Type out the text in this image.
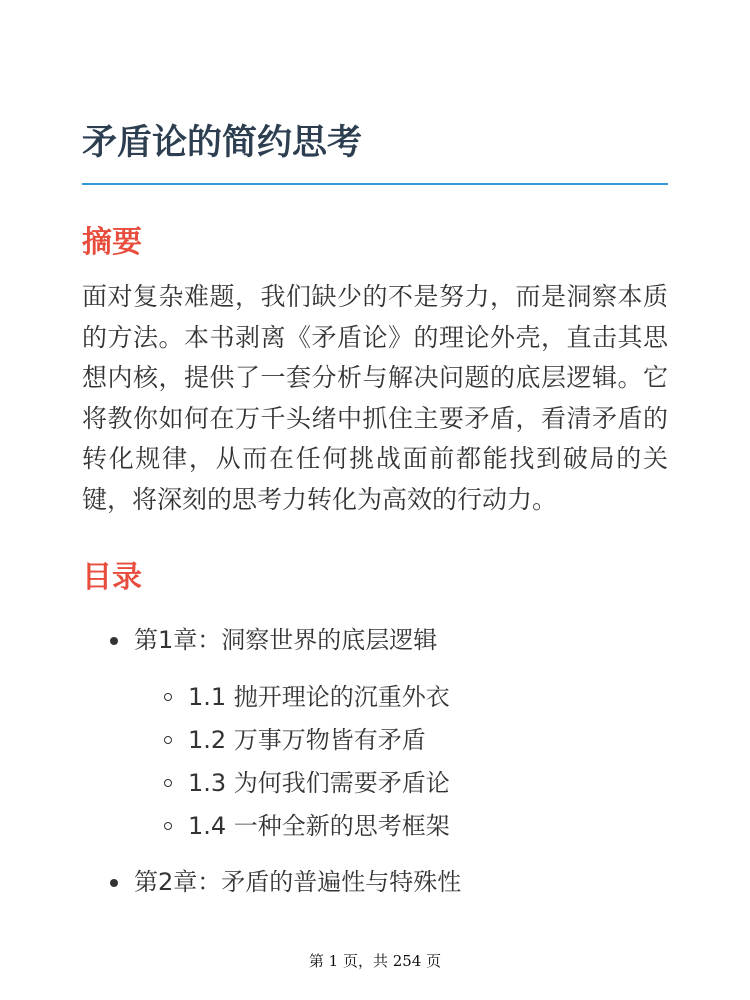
矛盾论的简约思考
摘要

面对复杂难题，我们缺少的不是努力，而是洞察本质的方法。本书剥离《矛盾论》的理论外壳，直击其思想内核，提供了一套分析与解决问题的底层逻辑。它将教你如何在万千头绪中抓住主要矛盾，看清矛盾的转化规律，从而在任何挑战面前都能找到破局的关键，将深刻的思考力转化为高效的行动力。

目录
第1章：洞察世界的底层逻辑
1.1 抛开理论的沉重外衣
1.2 万事万物皆有矛盾
1.3 为何我们需要矛盾论
1.4 一种全新的思考框架
第2章：矛盾的普遍性与特殊性
第 1 页，共 254 页
